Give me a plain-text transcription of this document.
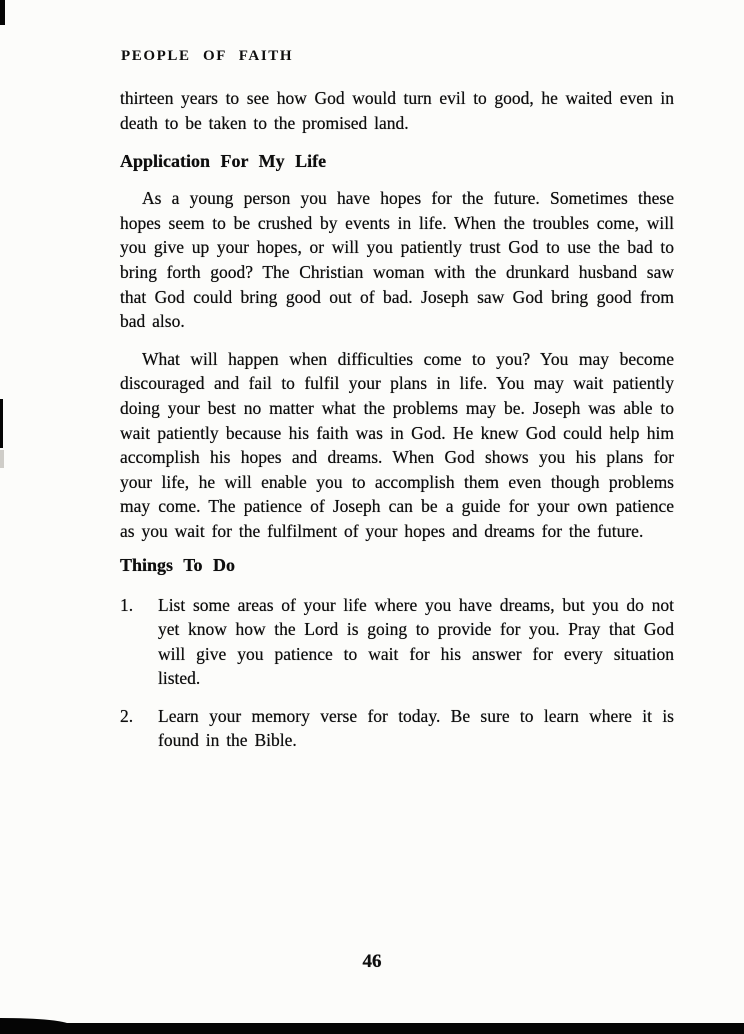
PEOPLE OF FAITH

thirteen years to see how God would turn evil to good, he waited even in death to be taken to the promised land.

Application For My Life

As a young person you have hopes for the future. Sometimes these hopes seem to be crushed by events in life. When the troubles come, will you give up your hopes, or will you patiently trust God to use the bad to bring forth good? The Christian woman with the drunkard husband saw that God could bring good out of bad. Joseph saw God bring good from bad also.

What will happen when difficulties come to you? You may become discouraged and fail to fulfil your plans in life. You may wait patiently doing your best no matter what the problems may be. Joseph was able to wait patiently because his faith was in God. He knew God could help him accomplish his hopes and dreams. When God shows you his plans for your life, he will enable you to accomplish them even though problems may come. The patience of Joseph can be a guide for your own patience as you wait for the fulfilment of your hopes and dreams for the future.

Things To Do
1.	List some areas of your life where you have dreams, but you do not yet know how the Lord is going to provide for you. Pray that God will give you patience to wait for his answer for every situation listed.
2.	Learn your memory verse for today. Be sure to learn where it is found in the Bible.
46
